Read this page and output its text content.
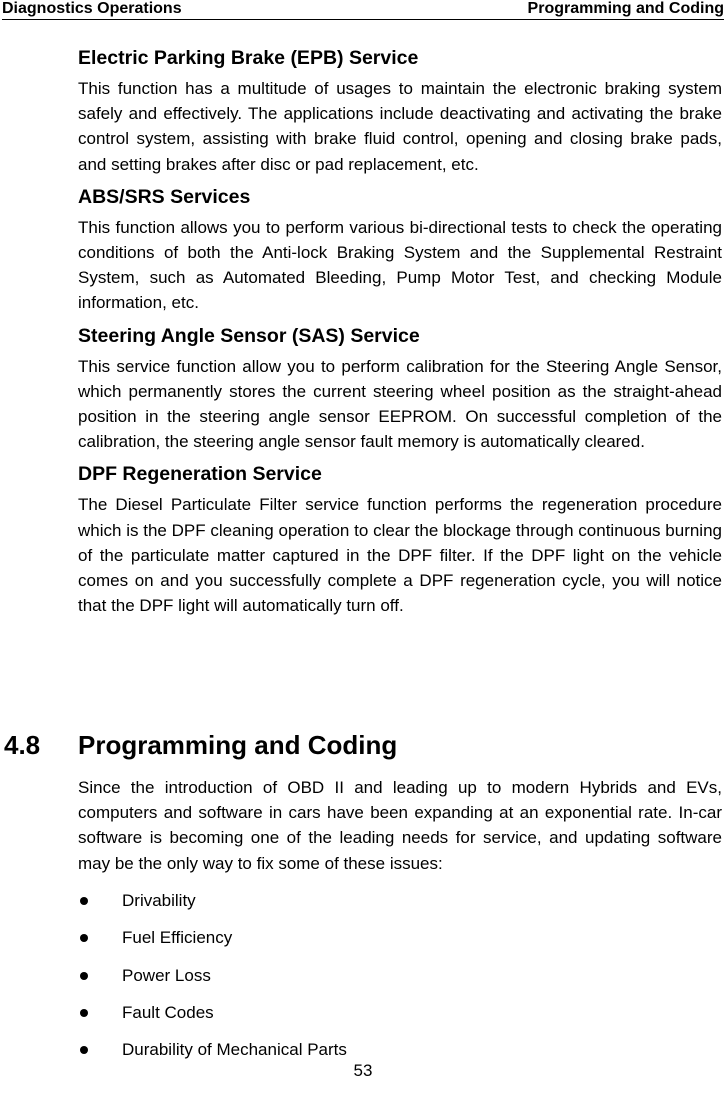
Diagnostics Operations	Programming and Coding
Electric Parking Brake (EPB) Service

This function has a multitude of usages to maintain the electronic braking system safely and effectively. The applications include deactivating and activating the brake control system, assisting with brake fluid control, opening and closing brake pads, and setting brakes after disc or pad replacement, etc.

ABS/SRS Services

This function allows you to perform various bi-directional tests to check the operating conditions of both the Anti-lock Braking System and the Supplemental Restraint System, such as Automated Bleeding, Pump Motor Test, and checking Module information, etc.

Steering Angle Sensor (SAS) Service

This service function allow you to perform calibration for the Steering Angle Sensor, which permanently stores the current steering wheel position as the straight-ahead position in the steering angle sensor EEPROM. On successful completion of the calibration, the steering angle sensor fault memory is automatically cleared.

DPF Regeneration Service

The Diesel Particulate Filter service function performs the regeneration procedure which is the DPF cleaning operation to clear the blockage through continuous burning of the particulate matter captured in the DPF filter. If the DPF light on the vehicle comes on and you successfully complete a DPF regeneration cycle, you will notice that the DPF light will automatically turn off.

4.8 Programming and Coding

Since the introduction of OBD II and leading up to modern Hybrids and EVs, computers and software in cars have been expanding at an exponential rate. In-car software is becoming one of the leading needs for service, and updating software may be the only way to fix some of these issues:

Drivability
Fuel Efficiency
Power Loss
Fault Codes
Durability of Mechanical Parts
53
